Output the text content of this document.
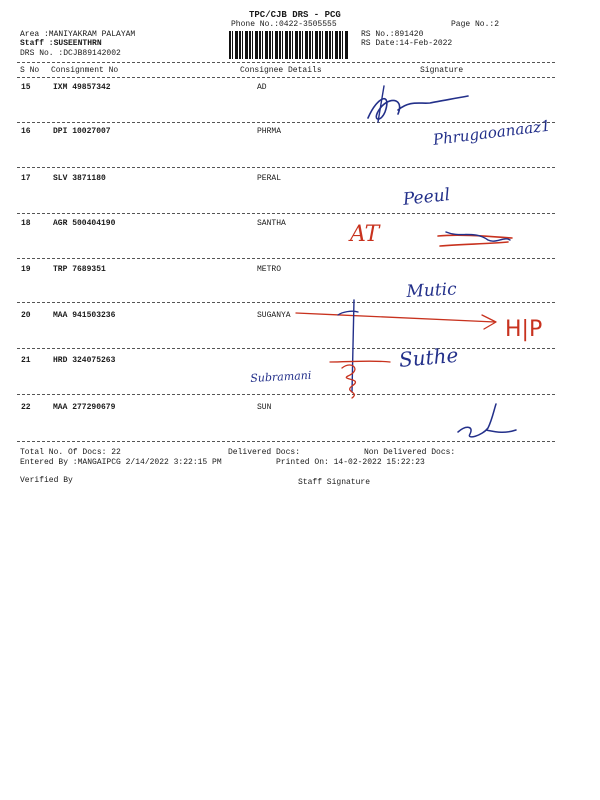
TPC/CJB DRS - PCG
Phone No.:0422-3505555	Page No.:2
Area :MANIYAKRAM PALAYAM
Staff :SUSEENTHRN
DRS No. :DCJB89142002
RS No.:891420
RS Date:14-Feb-2022
S No Consignment No	Consignee Details	Signature
15	IXM 49857342	AD
16	DPI 10027007	PHRMA
17	SLV 3871180	PERAL
18	AGR 500404190	SANTHA
19	TRP 7689351	METRO
20	MAA 941503236	SUGANYA
21	HRD 324075263
22	MAA 277290679	SUN
Total No. Of Docs: 22	Delivered Docs:	Non Delivered Docs:
Entered By :MANGAIPCG 2/14/2022 3:22:15 PM	Printed On: 14-02-2022 15:22:23
Verified By	Staff Signature
Phrugaoanaaz1
Peeul
AT
Mutic
H|P
Subramani
Suthe
